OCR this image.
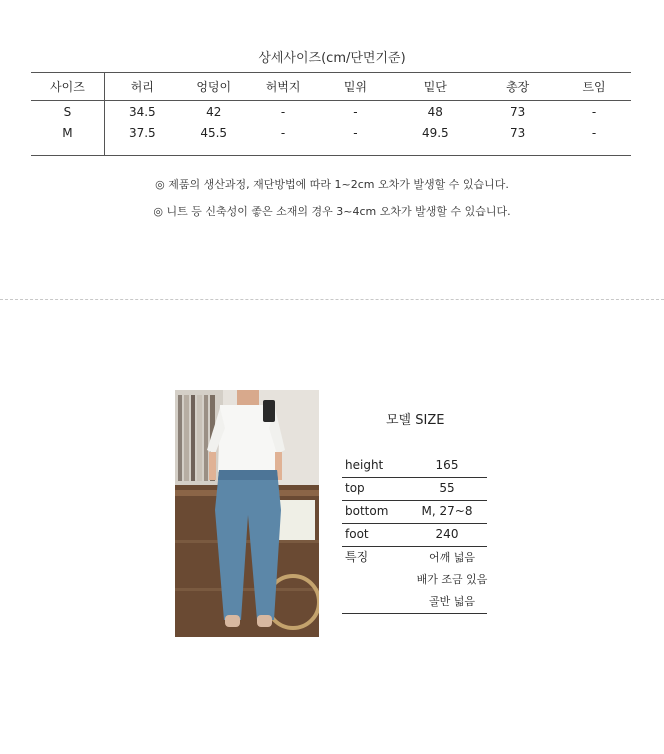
상세사이즈(cm/단면기준)
사이즈	허리	엉덩이	허벅지	밑위	밑단	총장	트임
S	34.5	42	-	-	48	73	-
M	37.5	45.5	-	-	49.5	73	-

◎ 제품의 생산과정, 재단방법에 따라 1~2cm 오차가 발생할 수 있습니다.
◎ 니트 등 신축성이 좋은 소재의 경우 3~4cm 오차가 발생할 수 있습니다.
모델 SIZE
height	165
top	55
bottom	M, 27~8
foot	240
특징	어깨 넓음
배가 조금 있음
골반 넓음
